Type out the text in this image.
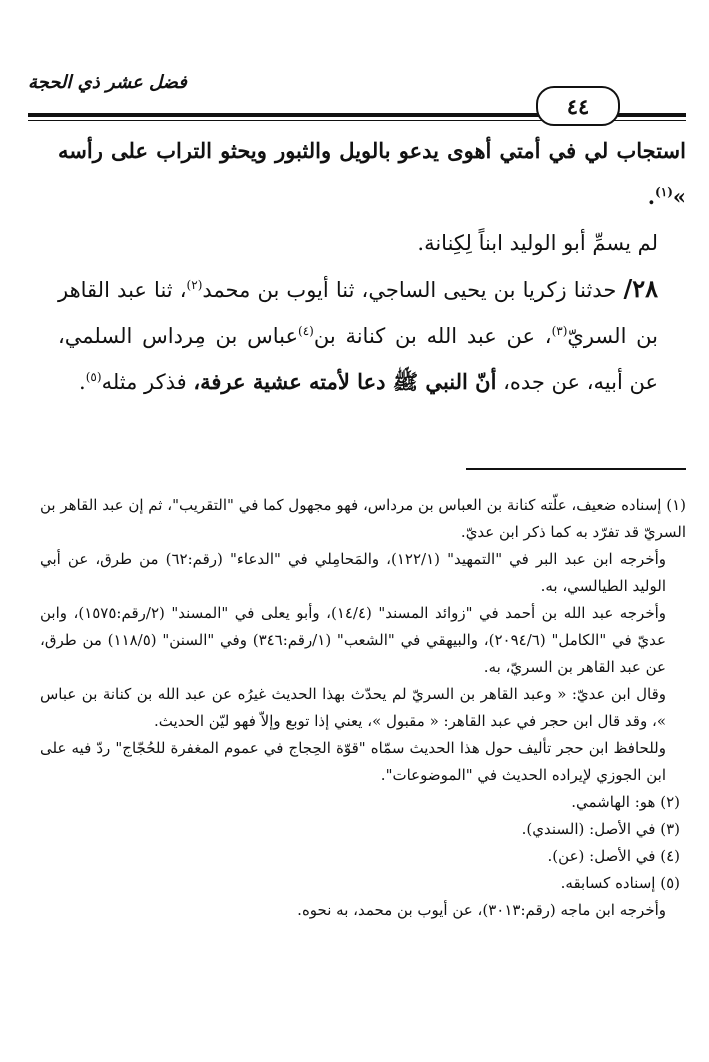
فضل عشر ذي الحجة
٤٤

استجاب لي في أمتي أهوى يدعو بالويل والثبور ويحثو التراب على رأسه »$^{(١)}$.

لم يسمِّ أبو الوليد ابناً لِكِنانة.

٢٨/ حدثنا زكريا بن يحيى الساجي، ثنا أيوب بن محمد$^{(٢)}$، ثنا عبد القاهر بن السريّ$^{(٣)}$، عن عبد الله بن كنانة بن$^{(٤)}$عباس بن مِرداس السلمي، عن أبيه، عن جده، أنّ النبي ﷺ دعا لأمته عشية عرفة، فذكر مثله$^{(٥)}$.

(١) إسناده ضعيف، علّته كنانة بن العباس بن مرداس، فهو مجهول كما في "التقريب"، ثم إن عبد القاهر بن السريّ قد تفرّد به كما ذكر ابن عديّ.

وأخرجه ابن عبد البر في "التمهيد" (١٢٢/١)، والمَحامِلي في "الدعاء" (رقم:٦٢) من طرق، عن أبي الوليد الطيالسي، به.

وأخرجه عبد الله بن أحمد في "زوائد المسند" (١٤/٤)، وأبو يعلى في "المسند" (٢/رقم:١٥٧٥)، وابن عديّ في "الكامل" (٢٠٩٤/٦)، والبيهقي في "الشعب" (١/رقم:٣٤٦) وفي "السنن" (١١٨/٥) من طرق، عن عبد القاهر بن السريّ، به.

وقال ابن عديّ: « وعبد القاهر بن السريّ لم يحدّث بهذا الحديث غيرُه عن عبد الله بن كنانة بن عباس »، وقد قال ابن حجر في عبد القاهر: « مقبول »، يعني إذا توبع وإلاّ فهو ليّن الحديث.

وللحافظ ابن حجر تأليف حول هذا الحديث سمّاه "قوّة الحِجاج في عموم المغفرة للحُجّاج" ردّ فيه على ابن الجوزي لإيراده الحديث في "الموضوعات".

(٢) هو: الهاشمي.

(٣) في الأصل: (السندي).

(٤) في الأصل: (عن).

(٥) إسناده كسابقه.

وأخرجه ابن ماجه (رقم:٣٠١٣)، عن أيوب بن محمد، به نحوه.
